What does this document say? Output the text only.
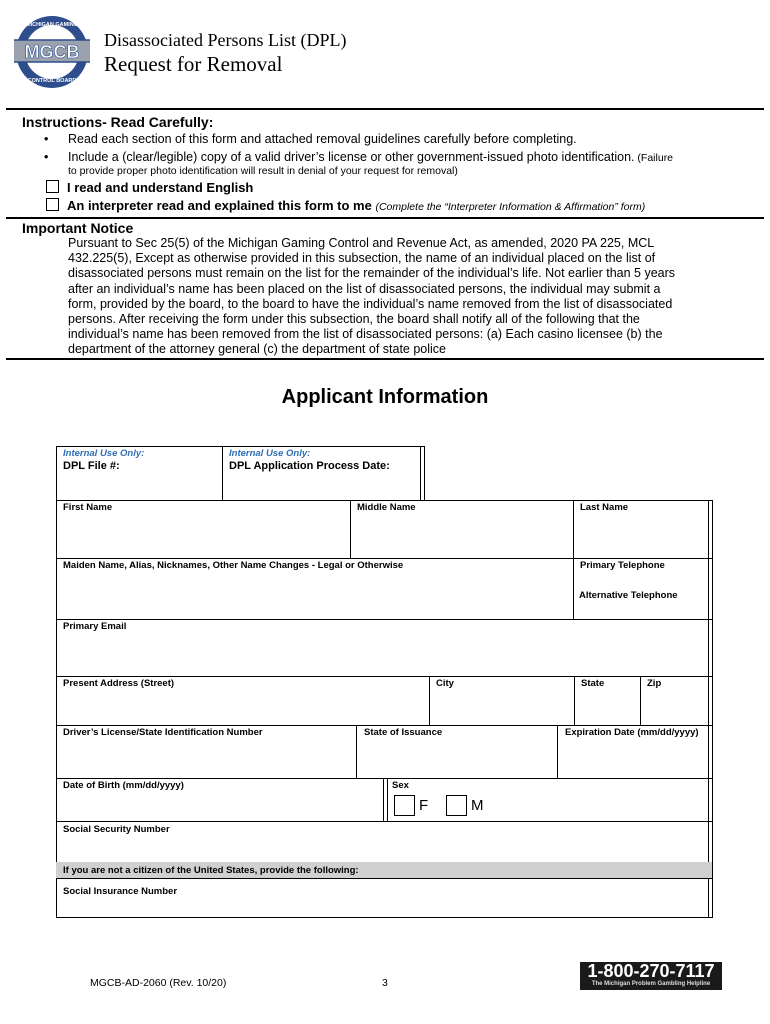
MICHIGAN GAMING
MGCB
CONTROL BOARD
Disassociated Persons List (DPL)
Request for Removal
Instructions- Read Carefully:
• Read each section of this form and attached removal guidelines carefully before completing.
• Include a (clear/legible) copy of a valid driver’s license or other government-issued photo identification. (Failure
to provide proper photo identification will result in denial of your request for removal)
I read and understand English
An interpreter read and explained this form to me (Complete the “Interpreter Information & Affirmation” form)
Important Notice
Pursuant to Sec 25(5) of the Michigan Gaming Control and Revenue Act, as amended, 2020 PA 225, MCL
432.225(5), Except as otherwise provided in this subsection, the name of an individual placed on the list of
disassociated persons must remain on the list for the remainder of the individual’s life. Not earlier than 5 years
after an individual’s name has been placed on the list of disassociated persons, the individual may submit a
form, provided by the board, to the board to have the individual’s name removed from the list of disassociated
persons. After receiving the form under this subsection, the board shall notify all of the following that the
individual’s name has been removed from the list of disassociated persons: (a) Each casino licensee (b) the
department of the attorney general (c) the department of state police
Applicant Information
Internal Use Only:
DPL File #:
Internal Use Only:
DPL Application Process Date:
First Name	Middle Name	Last Name
Maiden Name, Alias, Nicknames, Other Name Changes - Legal or Otherwise	Primary Telephone
Alternative Telephone
Primary Email
Present Address (Street)	City	State	Zip
Driver’s License/State Identification Number	State of Issuance	Expiration Date (mm/dd/yyyy)
Date of Birth (mm/dd/yyyy)	Sex
F	M
Social Security Number
If you are not a citizen of the United States, provide the following:
Social Insurance Number
MGCB-AD-2060 (Rev. 10/20)	3
1-800-270-7117
The Michigan Problem Gambling Helpline
